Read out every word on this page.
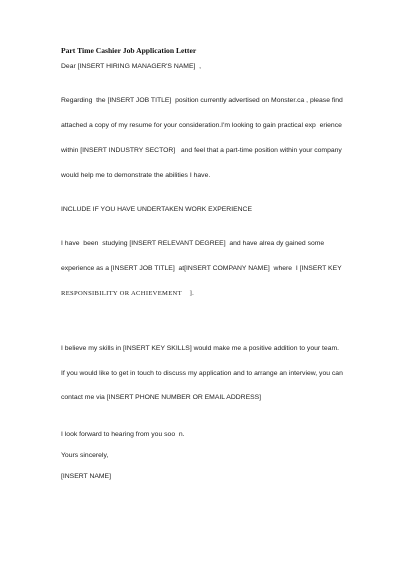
Part Time Cashier Job Application Letter

Dear [INSERT HIRING MANAGER'S NAME]  ,

Regarding  the [INSERT JOB TITLE]  position currently advertised on Monster.ca , please find

attached a copy of my resume for your consideration.I'm looking to gain practical exp  erience

within [INSERT INDUSTRY SECTOR]   and feel that a part-time position within your company

would help me to demonstrate the abilities I have.

INCLUDE IF YOU HAVE UNDERTAKEN WORK EXPERIENCE

I have  been  studying [INSERT RELEVANT DEGREE]  and have alrea dy gained some

experience as a [INSERT JOB TITLE]  at[INSERT COMPANY NAME]  where  I [INSERT KEY

RESPONSIBILITY OR ACHIEVEMENT    ].

I believe my skills in [INSERT KEY SKILLS] would make me a positive addition to your team.

If you would like to get in touch to discuss my application and to arrange an interview, you can

contact me via [INSERT PHONE NUMBER OR EMAIL ADDRESS]

I look forward to hearing from you soo  n.

Yours sincerely,

[INSERT NAME]
